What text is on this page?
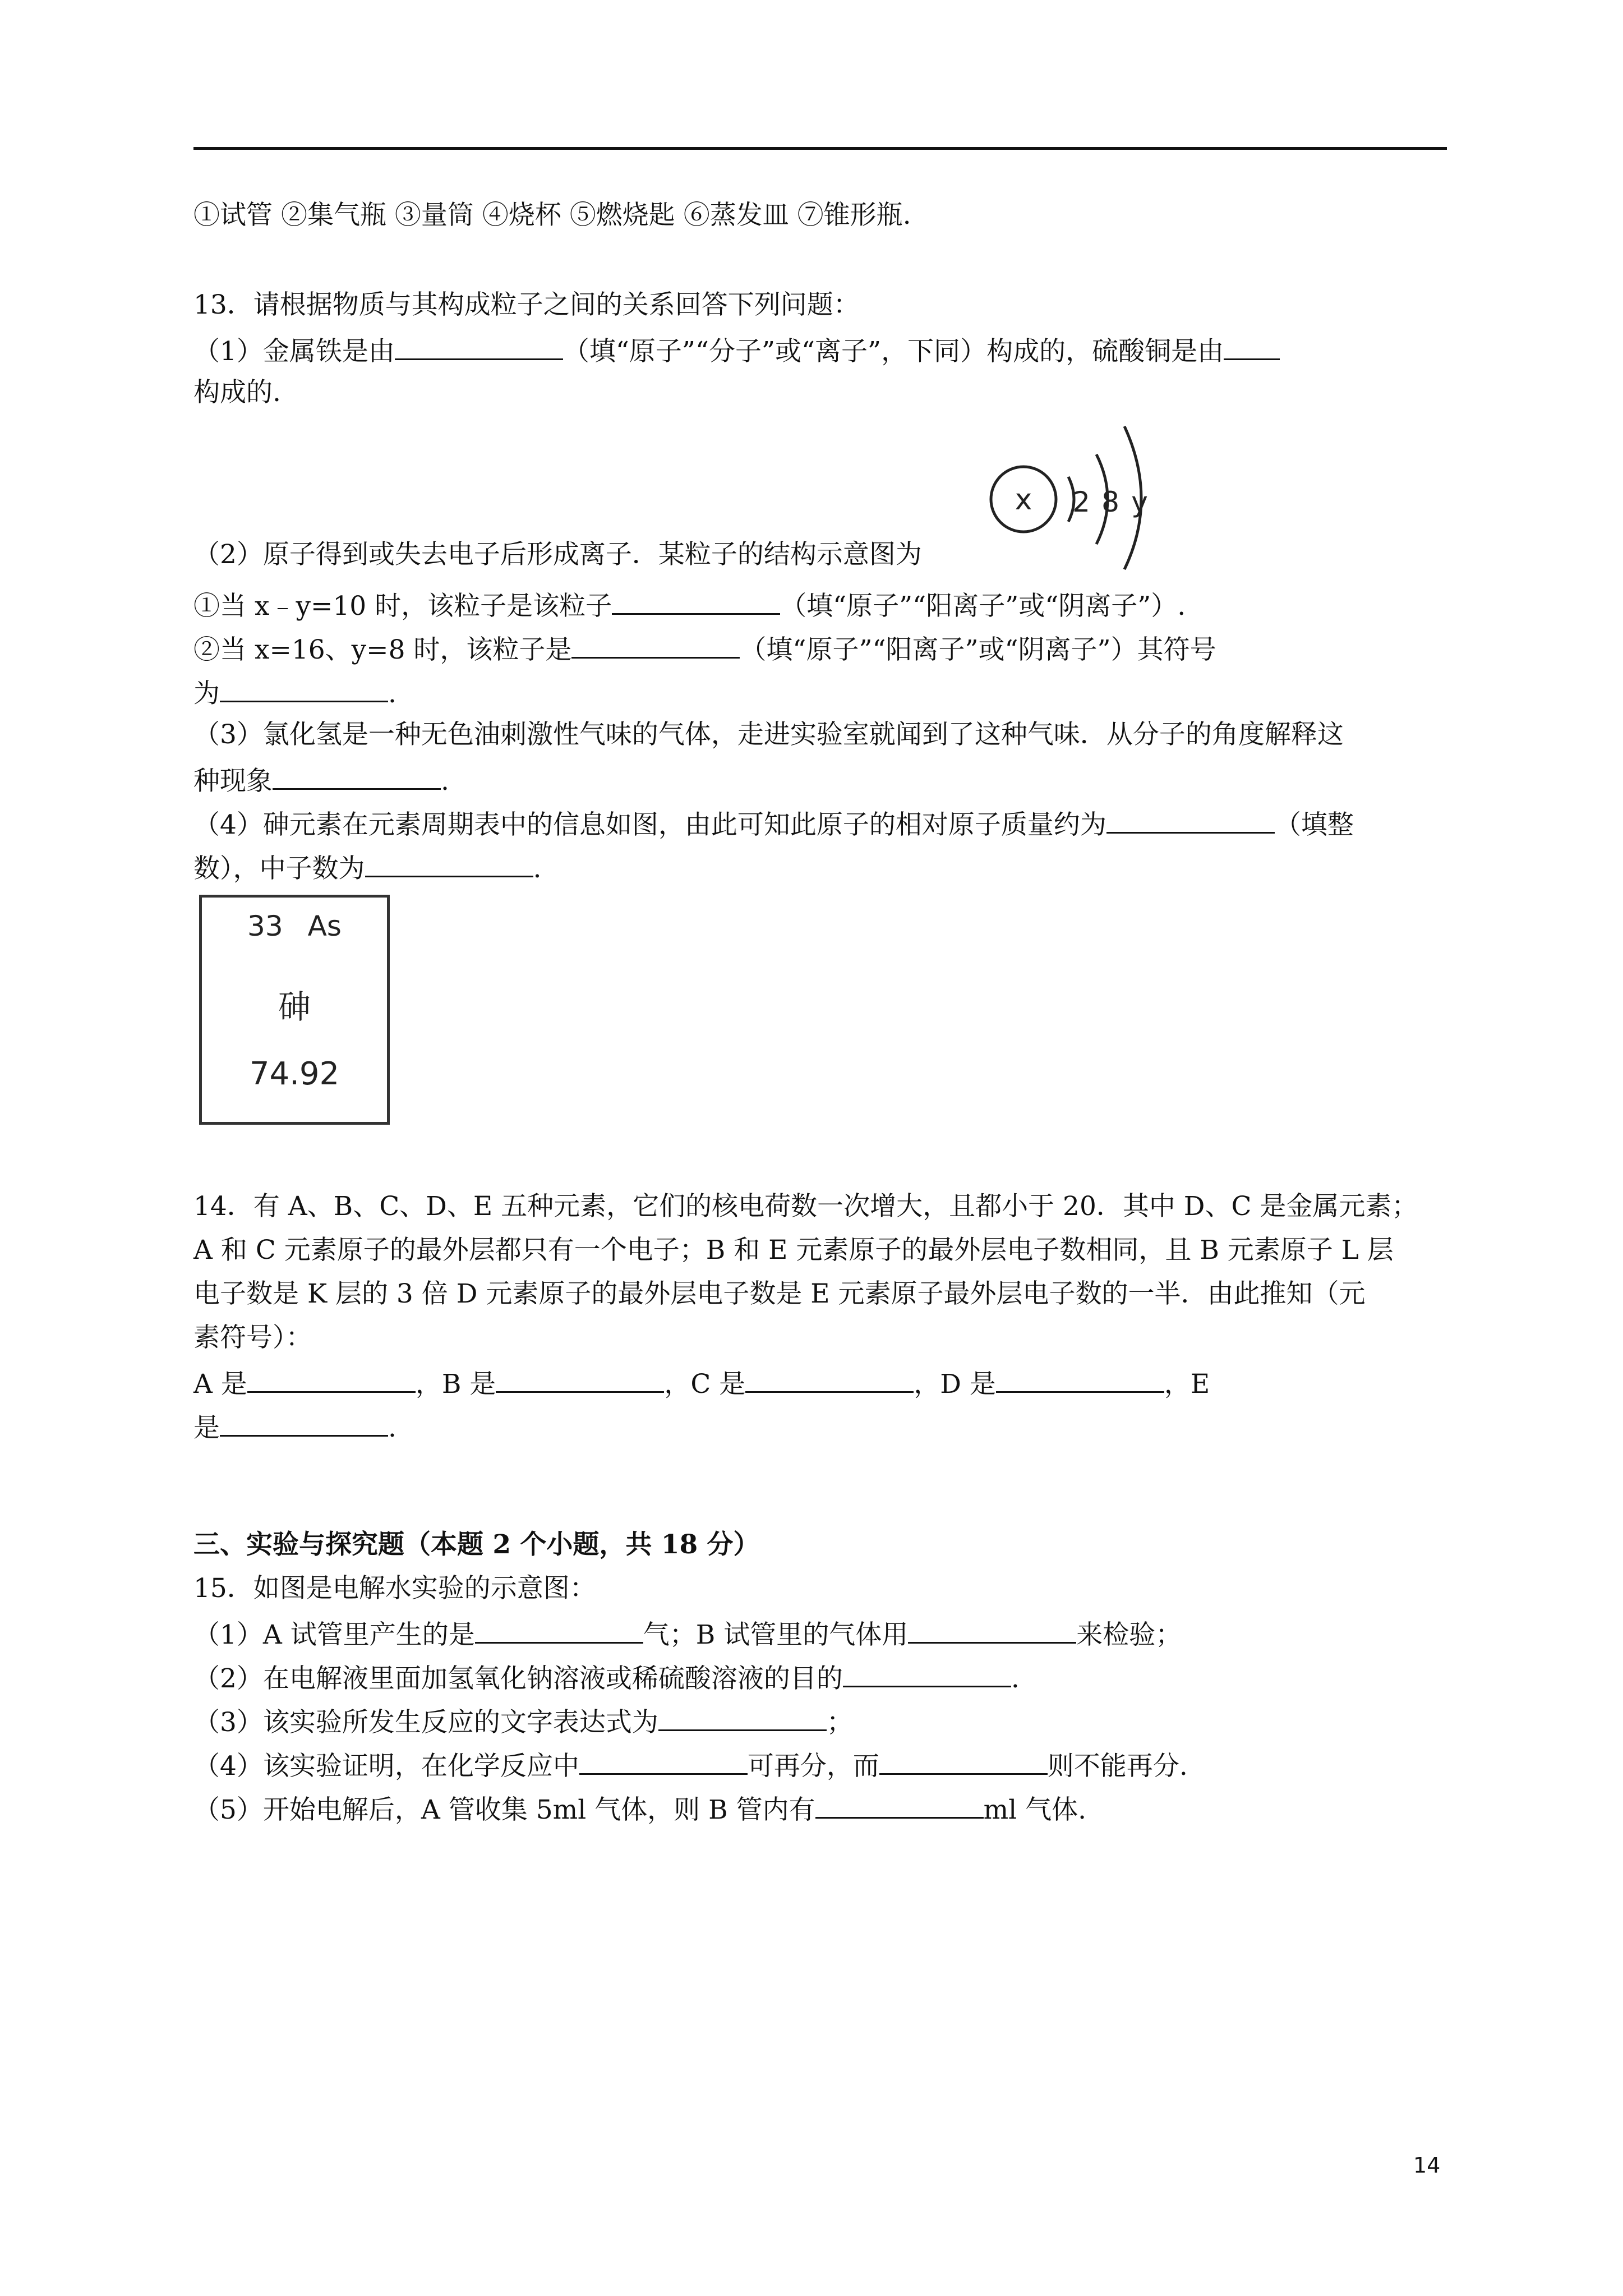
①试管 ②集气瓶 ③量筒 ④烧杯 ⑤燃烧匙 ⑥蒸发皿 ⑦锥形瓶.
13．请根据物质与其构成粒子之间的关系回答下列问题：
（1）金属铁是由	（填“原子”“分子”或“离子”，下同）构成的，硫酸铜是由
构成的.
x 2 8 y
（2）原子得到或失去电子后形成离子．某粒子的结构示意图为
①当 x﹣y=10 时，该粒子是该粒子	（填“原子”“阳离子”或“阴离子”）.
②当 x=16、y=8 时，该粒子是	（填“原子”“阳离子”或“阴离子”）其符号
为	.
（3）氯化氢是一种无色油刺激性气味的气体，走进实验室就闻到了这种气味．从分子的角度解释这
种现象	.
（4）砷元素在元素周期表中的信息如图，由此可知此原子的相对原子质量约为	（填整
数），中子数为	.
33 As
砷
74.92
14．有 A、B、C、D、E 五种元素，它们的核电荷数一次增大，且都小于 20．其中 D、C 是金属元素；
A 和 C 元素原子的最外层都只有一个电子；B 和 E 元素原子的最外层电子数相同，且 B 元素原子 L 层
电子数是 K 层的 3 倍 D 元素原子的最外层电子数是 E 元素原子最外层电子数的一半．由此推知（元
素符号）：
A 是	，B 是	，C 是	，D 是	，E
是	.
三、实验与探究题（本题 2 个小题，共 18 分）
15．如图是电解水实验的示意图：
（1）A 试管里产生的是	气；B 试管里的气体用	来检验；
（2）在电解液里面加氢氧化钠溶液或稀硫酸溶液的目的	.
（3）该实验所发生反应的文字表达式为	；
（4）该实验证明，在化学反应中	可再分，而	则不能再分.
（5）开始电解后，A 管收集 5ml 气体，则 B 管内有	ml 气体.
14
